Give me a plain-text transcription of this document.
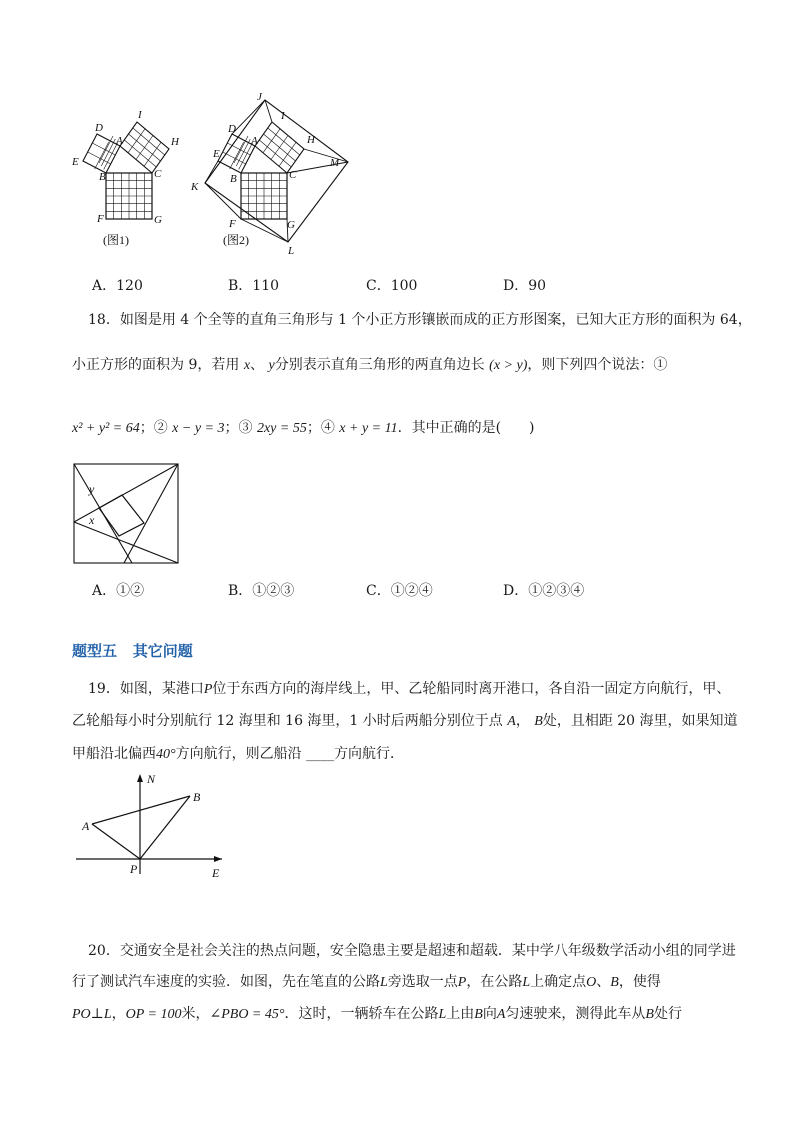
D
I
A	H
E
B	C
F	G
(图1)
J
D
I
A	H
E
M
K
B	C
F	G
L
(图2)
A．120	B．110	C．100	D．90
18．如图是用 4 个全等的直角三角形与 1 个小正方形镶嵌而成的正方形图案，已知大正方形的面积为 64，
小正方形的面积为 9，若用 x、 y分别表示直角三角形的两直角边长 (x > y)，则下列四个说法：①
x² + y² = 64；② x − y = 3；③ 2xy = 55；④ x + y = 11．其中正确的是(　　)
y
x
A．①②	B．①②③	C．①②④	D．①②③④
题型五 其它问题
19．如图，某港口P位于东西方向的海岸线上，甲、乙轮船同时离开港口，各自沿一固定方向航行，甲、
乙轮船每小时分别航行 12 海里和 16 海里，1 小时后两船分别位于点 A， B处，且相距 20 海里，如果知道
甲船沿北偏西40°方向航行，则乙船沿 ____方向航行．
N
B
A
P	E
20．交通安全是社会关注的热点问题，安全隐患主要是超速和超载．某中学八年级数学活动小组的同学进
行了测试汽车速度的实验．如图，先在笔直的公路L旁选取一点P，在公路L上确定点O、B，使得
PO⊥L，OP = 100米，∠PBO = 45°．这时，一辆轿车在公路L上由B向A匀速驶来，测得此车从B处行
